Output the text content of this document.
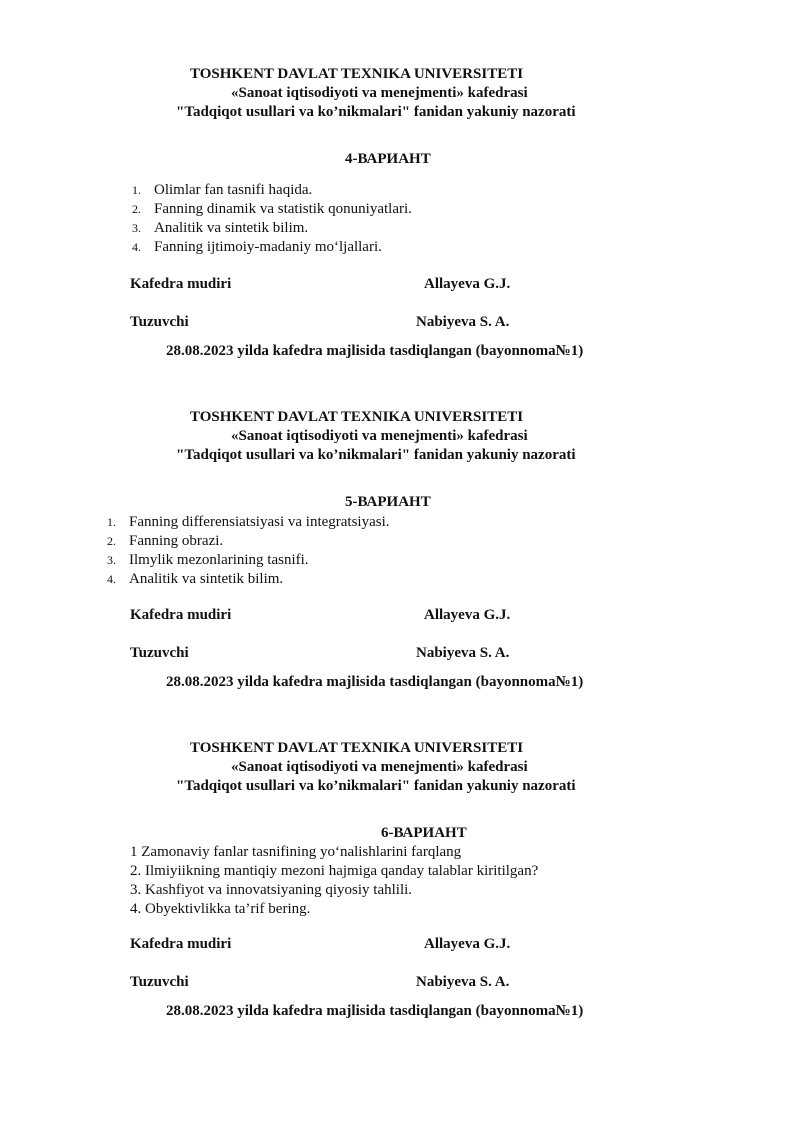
TOSHKENT DAVLAT TEXNIKA UNIVERSITETI
«Sanoat iqtisodiyoti va menejmenti» kafedrasi
"Tadqiqot usullari va ko’nikmalari" fanidan yakuniy nazorati
4-ВАРИАНТ
1. Olimlar fan tasnifi haqida.
2. Fanning dinamik va statistik qonuniyatlari.
3. Analitik va sintetik bilim.
4. Fanning ijtimoiy-madaniy mo‘ljallari.
Kafedra mudiri	Allayeva G.J.
Tuzuvchi	Nabiyeva S. A.
28.08.2023 yilda kafedra majlisida tasdiqlangan (bayonnoma№1)
TOSHKENT DAVLAT TEXNIKA UNIVERSITETI
«Sanoat iqtisodiyoti va menejmenti» kafedrasi
"Tadqiqot usullari va ko’nikmalari" fanidan yakuniy nazorati
5-ВАРИАНТ
1. Fanning differensiatsiyasi va integratsiyasi.
2. Fanning obrazi.
3. Ilmylik mezonlarining tasnifi.
4. Analitik va sintetik bilim.
Kafedra mudiri	Allayeva G.J.
Tuzuvchi	Nabiyeva S. A.
28.08.2023 yilda kafedra majlisida tasdiqlangan (bayonnoma№1)
TOSHKENT DAVLAT TEXNIKA UNIVERSITETI
«Sanoat iqtisodiyoti va menejmenti» kafedrasi
"Tadqiqot usullari va ko’nikmalari" fanidan yakuniy nazorati
6-ВАРИАНТ
1 Zamonaviy fanlar tasnifining yo‘nalishlarini farqlang
2. Ilmiyiikning mantiqiy mezoni hajmiga qanday talablar kiritilgan?
3. Kashfiyot va innovatsiyaning qiyosiy tahlili.
4. Obyektivlikka ta’rif bering.
Kafedra mudiri	Allayeva G.J.
Tuzuvchi	Nabiyeva S. A.
28.08.2023 yilda kafedra majlisida tasdiqlangan (bayonnoma№1)
